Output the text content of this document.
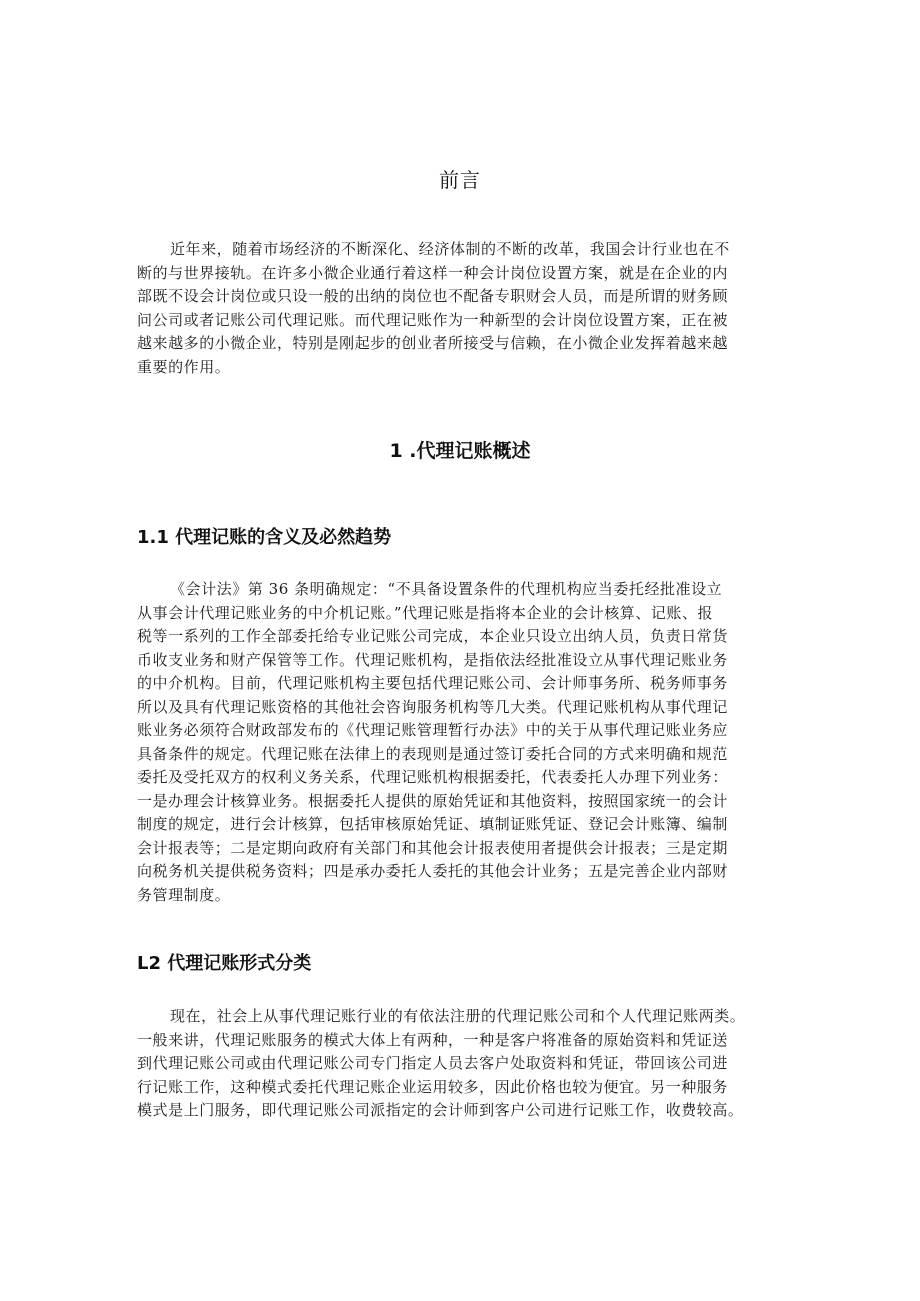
前言
近年来，随着市场经济的不断深化、经济体制的不断的改革，我国会计行业也在不
断的与世界接轨。在许多小微企业通行着这样一种会计岗位设置方案，就是在企业的内
部既不设会计岗位或只设一般的出纳的岗位也不配备专职财会人员，而是所谓的财务顾
问公司或者记账公司代理记账。而代理记账作为一种新型的会计岗位设置方案，正在被
越来越多的小微企业，特别是刚起步的创业者所接受与信赖，在小微企业发挥着越来越
重要的作用。
1 .代理记账概述
1.1 代理记账的含义及必然趋势
《会计法》第 36 条明确规定：“不具备设置条件的代理机构应当委托经批准设立
从事会计代理记账业务的中介机记账。”代理记账是指将本企业的会计核算、记账、报
税等一系列的工作全部委托给专业记账公司完成，本企业只设立出纳人员，负责日常货
币收支业务和财产保管等工作。代理记账机构，是指依法经批准设立从事代理记账业务
的中介机构。目前，代理记账机构主要包括代理记账公司、会计师事务所、税务师事务
所以及具有代理记账资格的其他社会咨询服务机构等几大类。代理记账机构从事代理记
账业务必须符合财政部发布的《代理记账管理暂行办法》中的关于从事代理记账业务应
具备条件的规定。代理记账在法律上的表现则是通过签订委托合同的方式来明确和规范
委托及受托双方的权利义务关系，代理记账机构根据委托，代表委托人办理下列业务：
一是办理会计核算业务。根据委托人提供的原始凭证和其他资料，按照国家统一的会计
制度的规定，进行会计核算，包括审核原始凭证、填制证账凭证、登记会计账簿、编制
会计报表等；二是定期向政府有关部门和其他会计报表使用者提供会计报表；三是定期
向税务机关提供税务资料；四是承办委托人委托的其他会计业务；五是完善企业内部财
务管理制度。
L2 代理记账形式分类
现在，社会上从事代理记账行业的有依法注册的代理记账公司和个人代理记账两类。
一般来讲，代理记账服务的模式大体上有两种，一种是客户将准备的原始资料和凭证送
到代理记账公司或由代理记账公司专门指定人员去客户处取资料和凭证，带回该公司进
行记账工作，这种模式委托代理记账企业运用较多，因此价格也较为便宜。另一种服务
模式是上门服务，即代理记账公司派指定的会计师到客户公司进行记账工作，收费较高。
